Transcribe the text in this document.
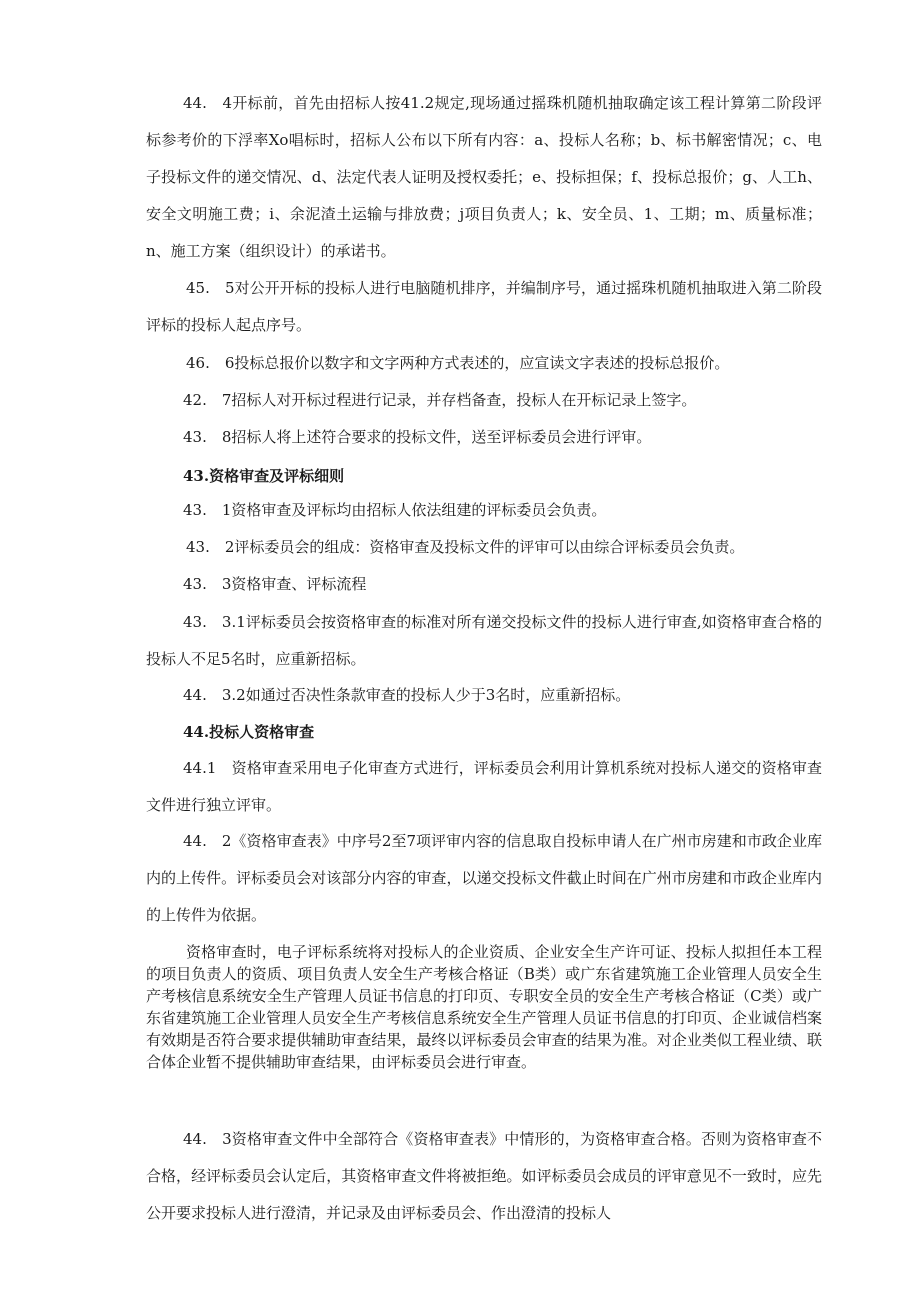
44.　4开标前，首先由招标人按41.2规定,现场通过摇珠机随机抽取确定该工程计算第二阶段评标参考价的下浮率Xo唱标时，招标人公布以下所有内容：a、投标人名称；b、标书解密情况；c、电子投标文件的递交情况、d、法定代表人证明及授权委托；e、投标担保；f、投标总报价；g、人工h、安全文明施工费；i、余泥渣土运输与排放费；j项目负责人；k、安全员、1、工期；m、质量标准；n、施工方案（组织设计）的承诺书。

45.　5对公开开标的投标人进行电脑随机排序，并编制序号，通过摇珠机随机抽取进入第二阶段评标的投标人起点序号。

46.　6投标总报价以数字和文字两种方式表述的，应宣读文字表述的投标总报价。

42.　7招标人对开标过程进行记录，并存档备查，投标人在开标记录上签字。

43.　8招标人将上述符合要求的投标文件，送至评标委员会进行评审。

43.资格审查及评标细则

43.　1资格审查及评标均由招标人依法组建的评标委员会负责。

43.　2评标委员会的组成：资格审查及投标文件的评审可以由综合评标委员会负责。

43.　3资格审查、评标流程

43.　3.1评标委员会按资格审查的标准对所有递交投标文件的投标人进行审查,如资格审查合格的投标人不足5名时，应重新招标。

44.　3.2如通过否决性条款审查的投标人少于3名时，应重新招标。

44.投标人资格审查

44.1　资格审查采用电子化审查方式进行，评标委员会利用计算机系统对投标人递交的资格审查文件进行独立评审。

44.　2《资格审查表》中序号2至7项评审内容的信息取自投标申请人在广州市房建和市政企业库内的上传件。评标委员会对该部分内容的审查，以递交投标文件截止时间在广州市房建和市政企业库内的上传件为依据。

资格审查时，电子评标系统将对投标人的企业资质、企业安全生产许可证、投标人拟担任本工程的项目负责人的资质、项目负责人安全生产考核合格证（B类）或广东省建筑施工企业管理人员安全生产考核信息系统安全生产管理人员证书信息的打印页、专职安全员的安全生产考核合格证（C类）或广东省建筑施工企业管理人员安全生产考核信息系统安全生产管理人员证书信息的打印页、企业诚信档案有效期是否符合要求提供辅助审查结果，最终以评标委员会审查的结果为准。对企业类似工程业绩、联合体企业暂不提供辅助审查结果，由评标委员会进行审查。

44.　3资格审查文件中全部符合《资格审查表》中情形的，为资格审查合格。否则为资格审查不合格，经评标委员会认定后，其资格审查文件将被拒绝。如评标委员会成员的评审意见不一致时，应先公开要求投标人进行澄清，并记录及由评标委员会、作出澄清的投标人
